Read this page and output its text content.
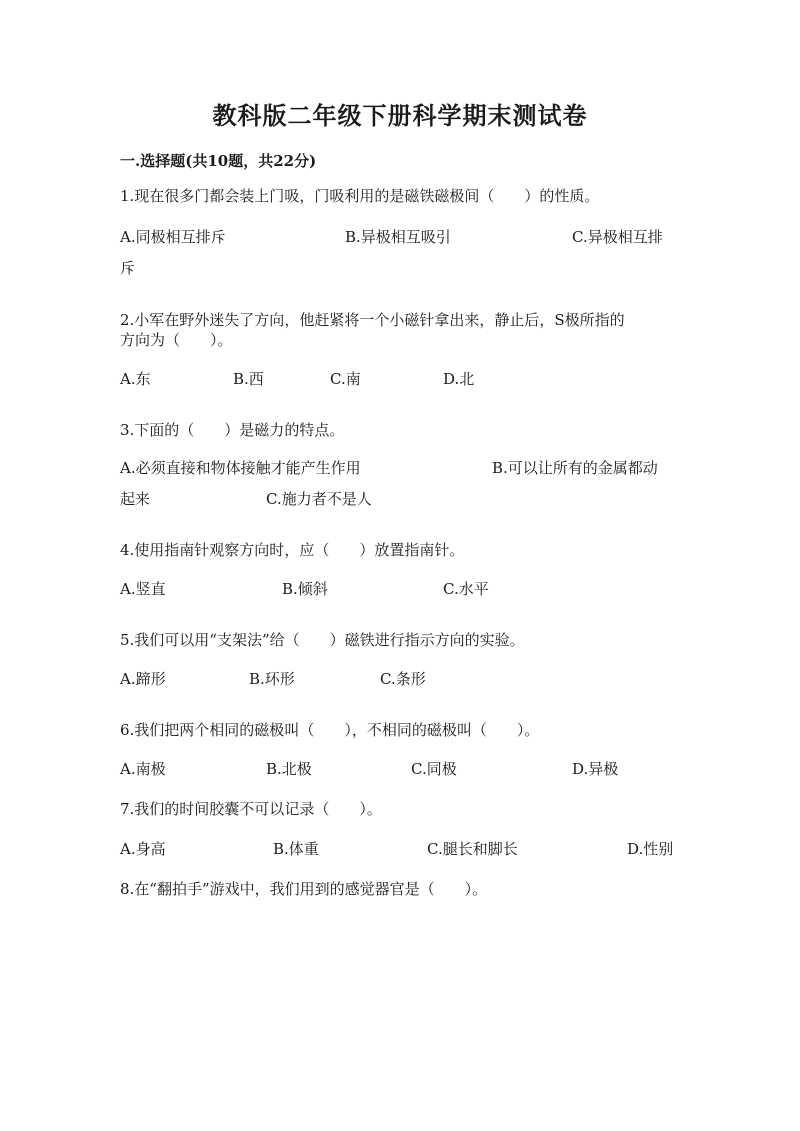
教科版二年级下册科学期末测试卷
一.选择题(共10题，共22分)
1.现在很多门都会装上门吸，门吸利用的是磁铁磁极间（　　）的性质。
A.同极相互排斥	B.异极相互吸引	C.异极相互排
斥
2.小军在野外迷失了方向，他赶紧将一个小磁针拿出来，静止后，S极所指的
方向为（　　）。
A.东	B.西	C.南	D.北
3.下面的（　　）是磁力的特点。
A.必须直接和物体接触才能产生作用	B.可以让所有的金属都动
起来	C.施力者不是人
4.使用指南针观察方向时，应（　　）放置指南针。
A.竖直	B.倾斜	C.水平
5.我们可以用“支架法”给（　　）磁铁进行指示方向的实验。
A.蹄形	B.环形	C.条形
6.我们把两个相同的磁极叫（　　），不相同的磁极叫（　　）。
A.南极	B.北极	C.同极	D.异极
7.我们的时间胶囊不可以记录（　　）。
A.身高	B.体重	C.腿长和脚长	D.性别
8.在“翻拍手”游戏中，我们用到的感觉器官是（　　）。
